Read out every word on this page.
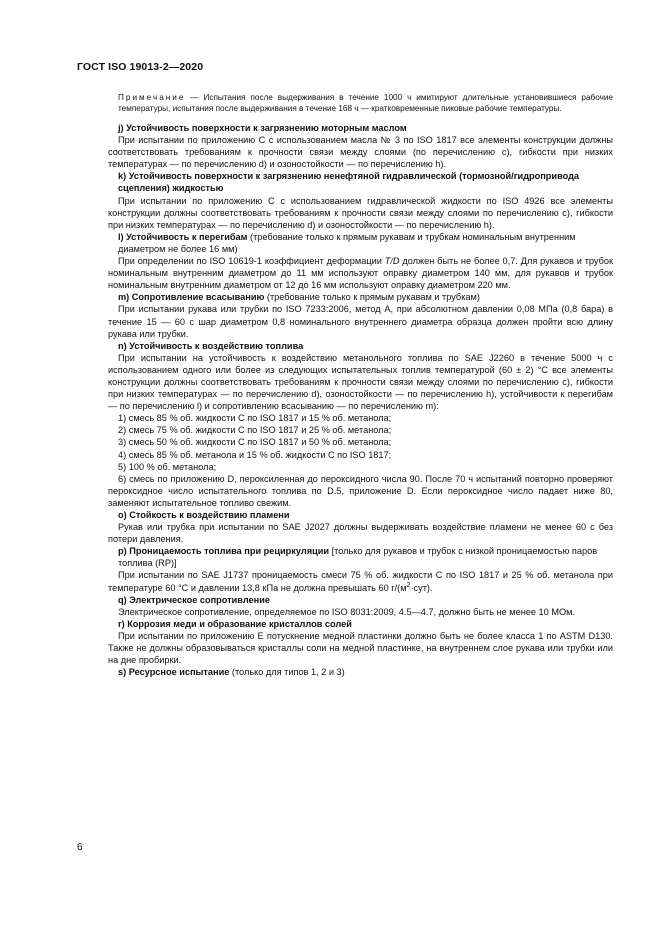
ГОСТ ISO 19013-2—2020
Примечание — Испытания после выдерживания в течение 1000 ч имитируют длительные установившиеся рабочие температуры, испытания после выдерживания в течение 168 ч — кратковременные пиковые рабочие температуры.
j) Устойчивость поверхности к загрязнению моторным маслом
При испытании по приложению С с использованием масла № 3 по ISO 1817 все элементы конструкции должны соответствовать требованиям к прочности связи между слоями (по перечислению с), гибкости при низких температурах — по перечислению d) и озоностойкости — по перечислению h).
k) Устойчивость поверхности к загрязнению ненефтяной гидравлической (тормозной/гидропривода сцепления) жидкостью
При испытании по приложению С с использованием гидравлической жидкости по ISO 4926 все элементы конструкции должны соответствовать требованиям к прочности связи между слоями по перечислению с), гибкости при низких температурах — по перечислению d) и озоностойкости — по перечислению h).
l) Устойчивость к перегибам (требование только к прямым рукавам и трубкам номинальным внутренним диаметром не более 16 мм)
При определении по ISO 10619-1 коэффициент деформации T/D должен быть не более 0,7. Для рукавов и трубок номинальным внутренним диаметром до 11 мм используют оправку диаметром 140 мм, для рукавов и трубок номинальным внутренним диаметром от 12 до 16 мм используют оправку диаметром 220 мм.
m) Сопротивление всасыванию (требование только к прямым рукавам и трубкам)
При испытании рукава или трубки по ISO 7233:2006, метод А, при абсолютном давлении 0,08 МПа (0,8 бара) в течение 15 — 60 с шар диаметром 0,8 номинального внутреннего диаметра образца должен пройти всю длину рукава или трубки.
n) Устойчивость к воздействию топлива
При испытании на устойчивость к воздействию метанольного топлива по SAE J2260 в течение 5000 ч с использованием одного или более из следующих испытательных топлив температурой (60 ± 2) °С все элементы конструкции должны соответствовать требованиям к прочности связи между слоями по перечислению с), гибкости при низких температурах — по перечислению d), озоностойкости — по перечислению h), устойчивости к перегибам — по перечислению l) и сопротивлению всасыванию — по перечислению m):
1) смесь 85 % об. жидкости С по ISO 1817 и 15 % об. метанола;
2) смесь 75 % об. жидкости С по ISO 1817 и 25 % об. метанола;
3) смесь 50 % об. жидкости С по ISO 1817 и 50 % об. метанола;
4) смесь 85 % об. метанола и 15 % об. жидкости С по ISO 1817;
5) 100 % об. метанола;
6) смесь по приложению D, пероксиленная до пероксидного числа 90. После 70 ч испытаний повторно проверяют пероксидное число испытательного топлива по D.5, приложение D. Если пероксидное число падает ниже 80, заменяют испытательное топливо свежим.
o) Стойкость к воздействию пламени
Рукав или трубка при испытании по SAE J2027 должны выдерживать воздействие пламени не менее 60 с без потери давления.
p) Проницаемость топлива при рециркуляции [только для рукавов и трубок с низкой проницаемостью паров топлива (RP)]
При испытании по SAE J1737 проницаемость смеси 75 % об. жидкости С по ISO 1817 и 25 % об. метанола при температуре 60 °С и давлении 13,8 кПа не должна превышать 60 $г/(м^2\cdot сут)$.
q) Электрическое сопротивление
Электрическое сопротивление, определяемое по ISO 8031:2009, 4.5—4.7, должно быть не менее 10 МОм.
r) Коррозия меди и образование кристаллов солей
При испытании по приложению Е потускнение медной пластинки должно быть не более класса 1 по ASTM D130. Также не должны образовываться кристаллы соли на медной пластинке, на внутреннем слое рукава или трубки или на дне пробирки.
s) Ресурсное испытание (только для типов 1, 2 и 3)
6
